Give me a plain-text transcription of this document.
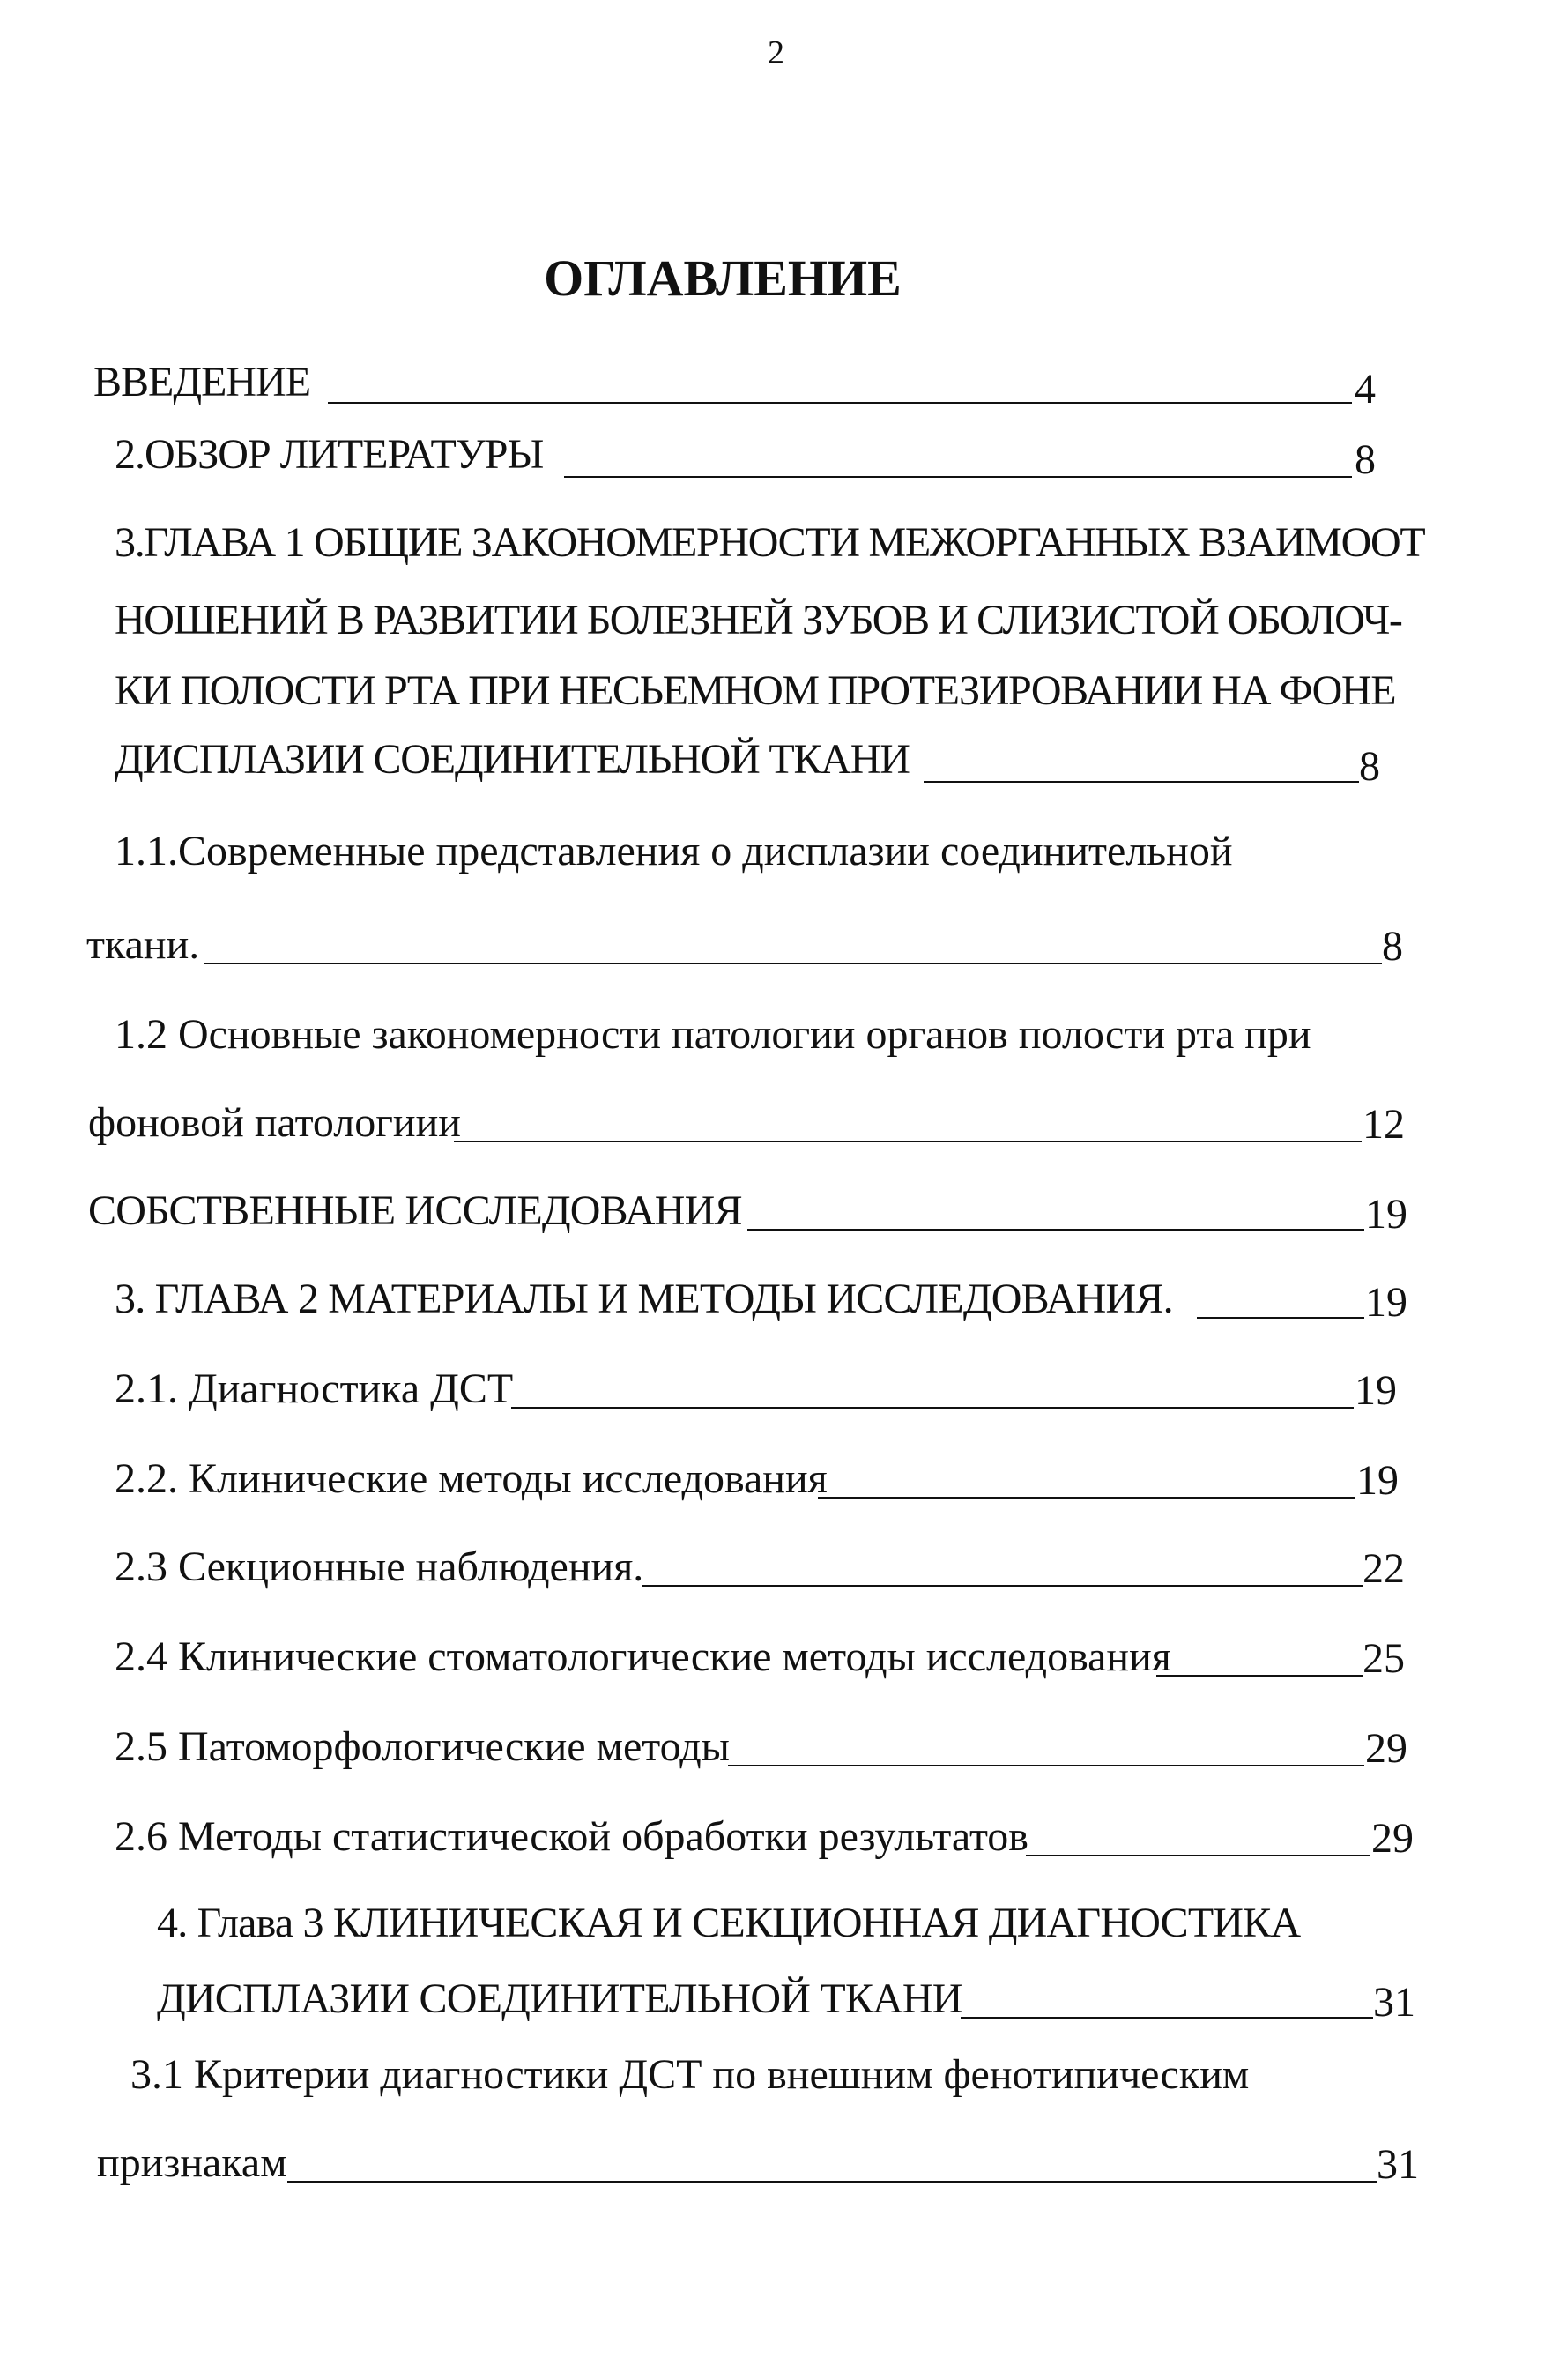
2
ОГЛАВЛЕНИЕ
ВВЕДЕНИЕ	4
2.ОБЗОР ЛИТЕРАТУРЫ	8
3.ГЛАВА 1 ОБЩИЕ ЗАКОНОМЕРНОСТИ МЕЖОРГАННЫХ ВЗАИМООТ
НОШЕНИЙ В РАЗВИТИИ БОЛЕЗНЕЙ ЗУБОВ И СЛИЗИСТОЙ ОБОЛОЧ-
КИ ПОЛОСТИ РТА ПРИ НЕСЬЕМНОМ ПРОТЕЗИРОВАНИИ НА ФОНЕ
ДИСПЛАЗИИ СОЕДИНИТЕЛЬНОЙ ТКАНИ	8
1.1.Современные представления о дисплазии соединительной
ткани.	8
1.2 Основные закономерности патологии органов полости рта при
фоновой патологиии	12
СОБСТВЕННЫЕ ИССЛЕДОВАНИЯ	19
3. ГЛАВА 2 МАТЕРИАЛЫ И МЕТОДЫ ИССЛЕДОВАНИЯ.	19
2.1. Диагностика ДСТ	19
2.2. Клинические методы исследования	19
2.3 Секционные наблюдения.	22
2.4 Клинические стоматологические методы исследования	25
2.5 Патоморфологические методы	29
2.6 Методы статистической обработки результатов	29
4. Глава 3 КЛИНИЧЕСКАЯ И СЕКЦИОННАЯ ДИАГНОСТИКА
ДИСПЛАЗИИ СОЕДИНИТЕЛЬНОЙ ТКАНИ	31
3.1 Критерии диагностики ДСТ по внешним фенотипическим
признакам	31
